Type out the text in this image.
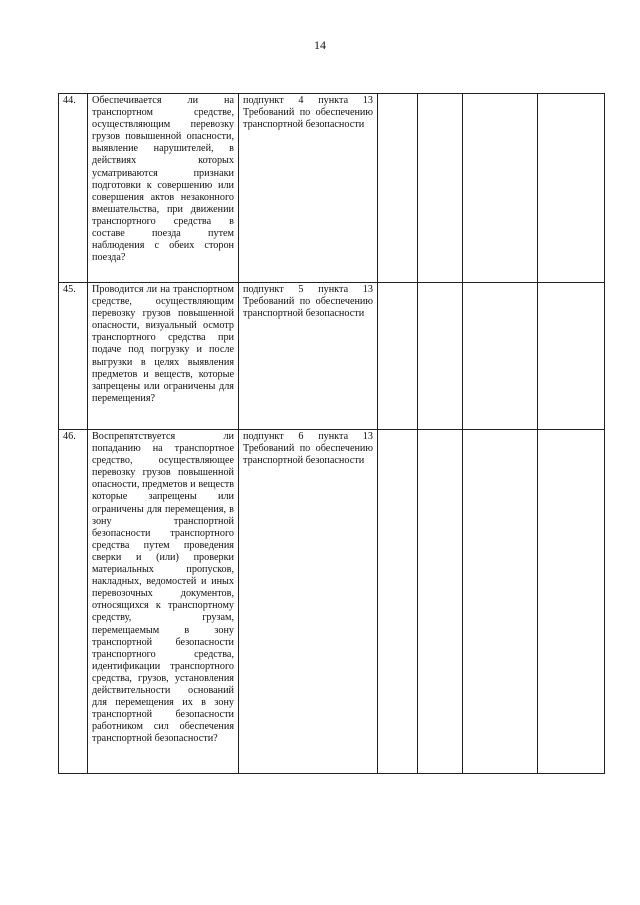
14
44.	Обеспечивается ли на транспортном средстве, осуществляющим перевозку грузов повышенной опасности, выявление нарушителей, в действиях которых усматриваются признаки подготовки к совершению или совершения актов незаконного вмешательства, при движении транспортного средства в составе поезда путем наблюдения с обеих сторон поезда?	подпункт 4 пункта 13 Требований по обеспечению транспортной безопасности				

45.	Проводится ли на транспортном средстве, осуществляющим перевозку грузов повышенной опасности, визуальный осмотр транспортного средства при подаче под погрузку и после выгрузки в целях выявления предметов и веществ, которые запрещены или ограничены для перемещения?	подпункт 5 пункта 13 Требований по обеспечению транспортной безопасности				

46.	Воспрепятствуется ли попаданию на транспортное средство, осуществляющее перевозку грузов повышенной опасности, предметов и веществ которые запрещены или ограничены для перемещения, в зону транспортной безопасности транспортного средства путем проведения сверки и (или) проверки материальных пропусков, накладных, ведомостей и иных перевозочных документов, относящихся к транспортному средству, грузам, перемещаемым в зону транспортной безопасности транспортного средства, идентификации транспортного средства, грузов, установления действительности оснований для перемещения их в зону транспортной безопасности работником сил обеспечения транспортной безопасности?	подпункт 6 пункта 13 Требований по обеспечению транспортной безопасности				
